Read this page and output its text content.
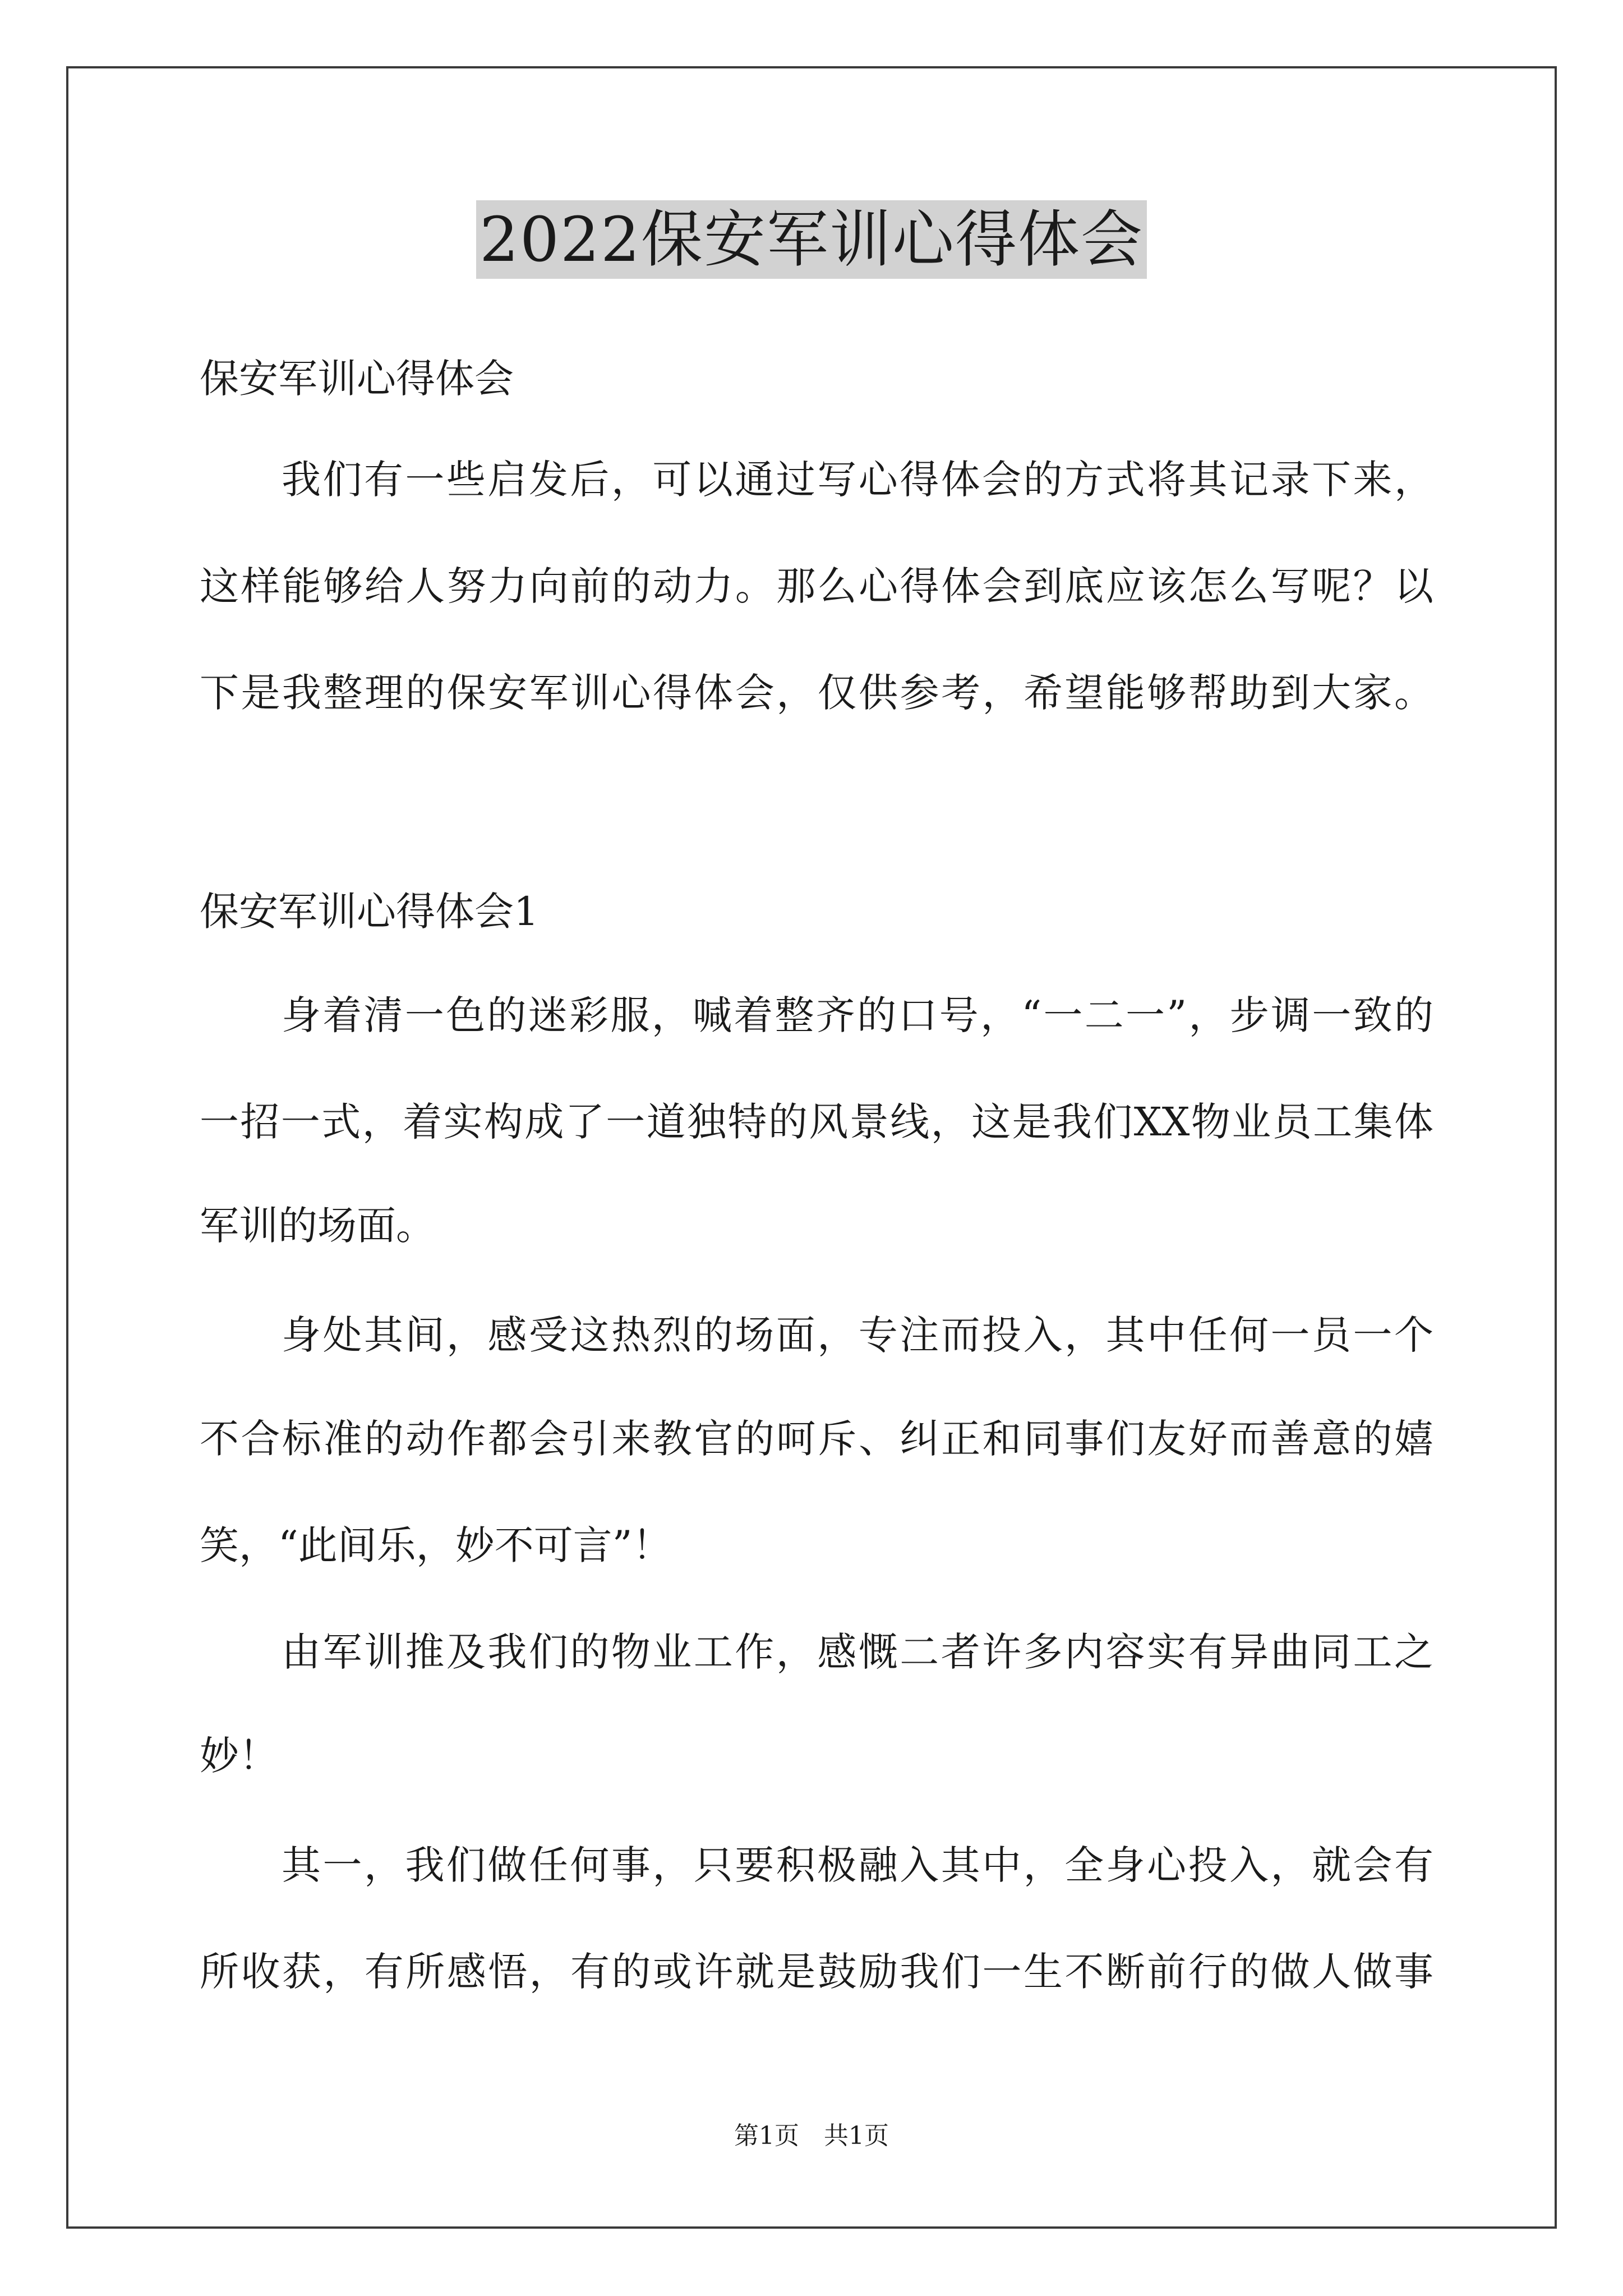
2022保安军训心得体会
保安军训心得体会
我们有一些启发后，可以通过写心得体会的方式将其记录下来，
这样能够给人努力向前的动力。那么心得体会到底应该怎么写呢？以
下是我整理的保安军训心得体会，仅供参考，希望能够帮助到大家。
保安军训心得体会1
身着清一色的迷彩服，喊着整齐的口号，“一二一”，步调一致的
一招一式，着实构成了一道独特的风景线，这是我们XX物业员工集体
军训的场面。
身处其间，感受这热烈的场面，专注而投入，其中任何一员一个
不合标准的动作都会引来教官的呵斥、纠正和同事们友好而善意的嬉
笑，“此间乐，妙不可言”！
由军训推及我们的物业工作，感慨二者许多内容实有异曲同工之
妙！
其一，我们做任何事，只要积极融入其中，全身心投入，就会有
所收获，有所感悟，有的或许就是鼓励我们一生不断前行的做人做事
第1页　共1页
